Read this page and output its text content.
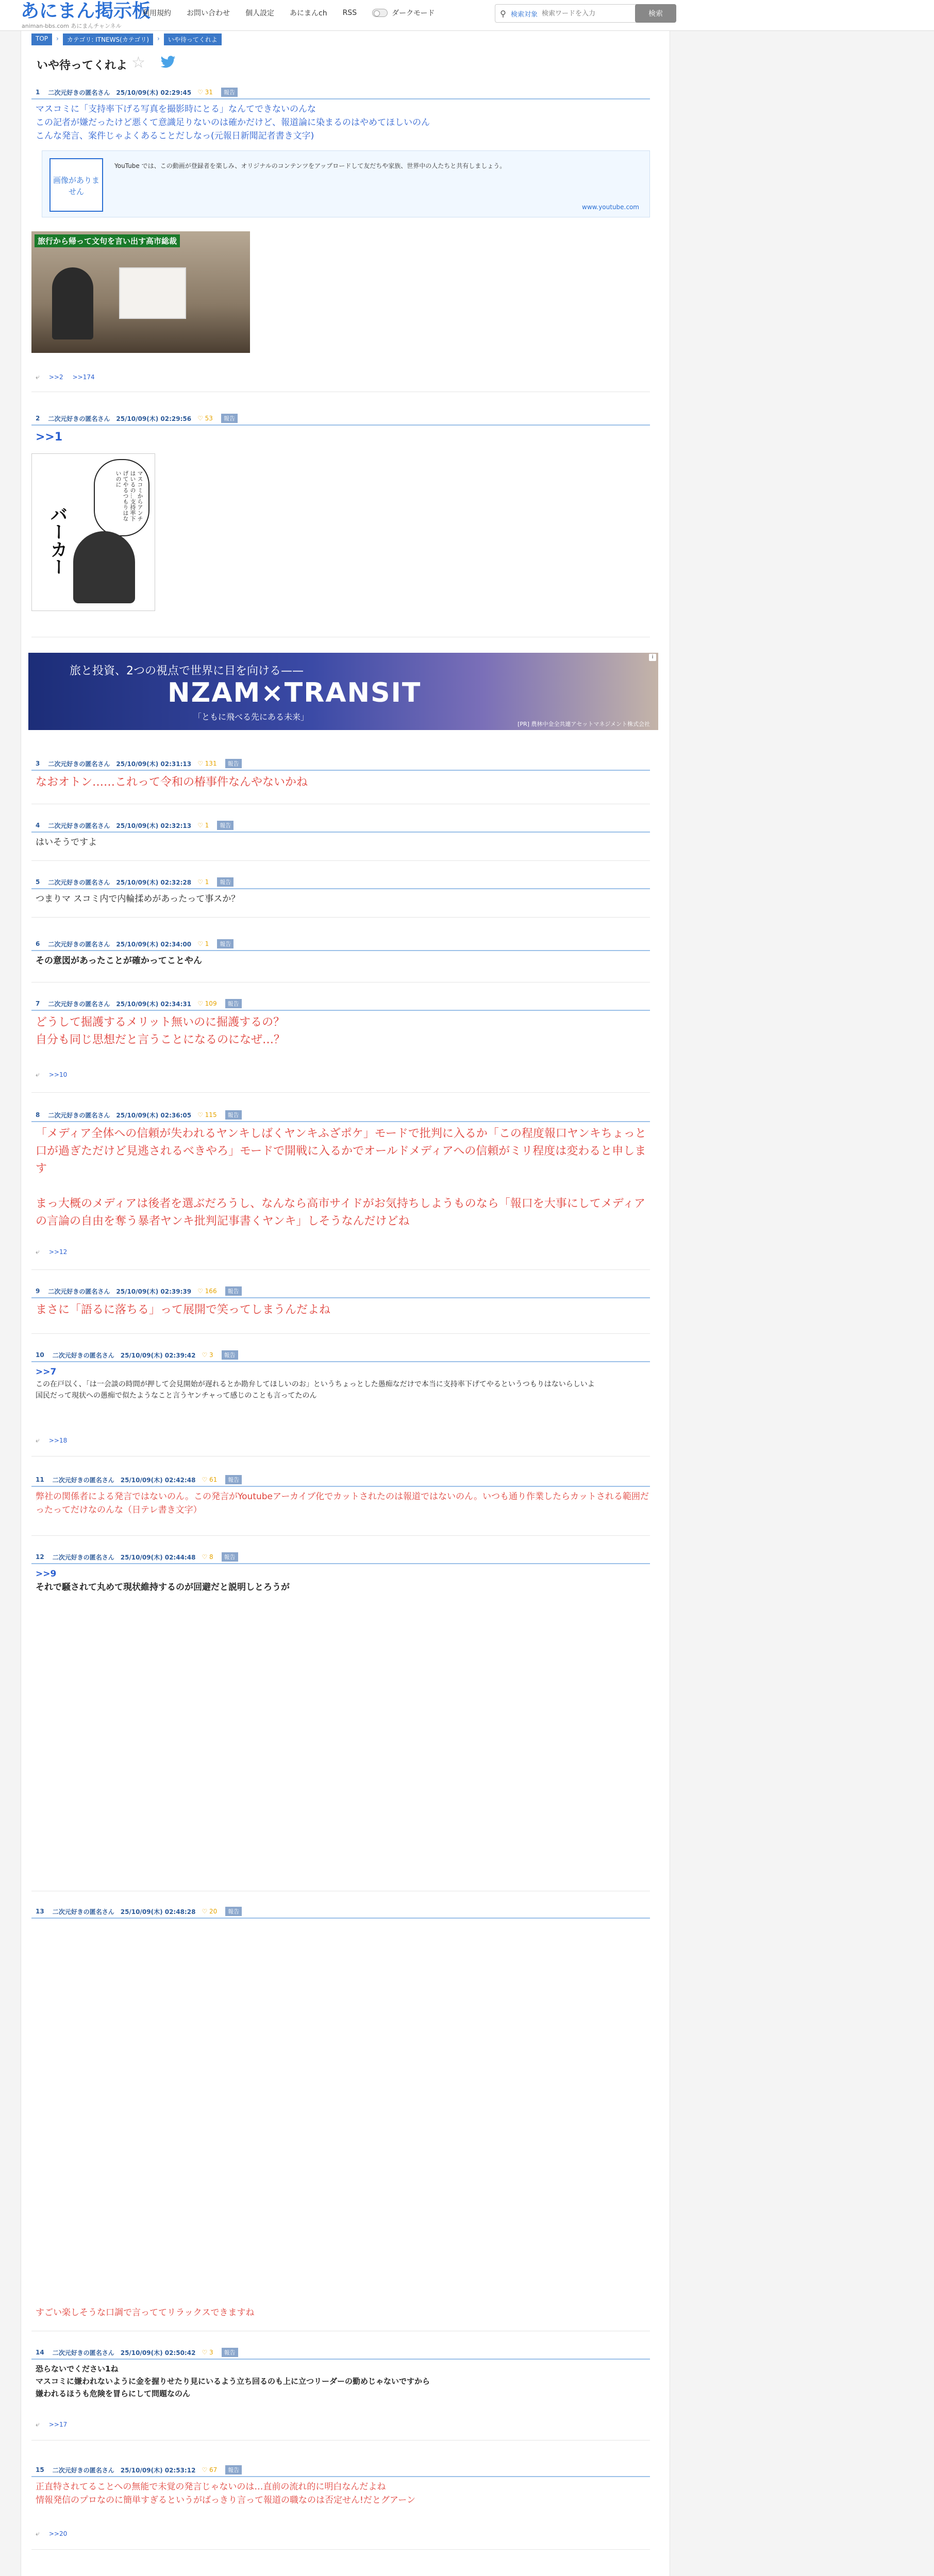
あにまん掲示板
animan-bbs.com あにまんチャンネル
利用規約 お問い合わせ 個人設定 あにまんch RSS	ダークモード	⚲ 検索対象
検索ワードを入力	検索
TOP	›	カテゴリ: ITNEWS(カテゴリ)	›	いや待ってくれよ
いや待ってくれよ ☆
1 二次元好きの匿名さん 25/10/09(木) 02:29:45 ♡ 31	報告
マスコミに「支持率下げる写真を撮影時にとる」なんてできないのんな
この記者が嫌だったけど悪くて意識足りないのは確かだけど、報道論に染まるのはやめてほしいのん
こんな発言、案件じゃよくあることだしなっ(元報日新聞記者書き文字)
画像がありません
YouTube では、この動画が登録者を楽しみ、オリジナルのコンテンツをアップロードして友だちや家族、世界中の人たちと共有しましょう。
www.youtube.com
旅行から帰って文句を言い出す高市総裁
⤶ >>2 >>174
2 二次元好きの匿名さん 25/10/09(木) 02:29:56 ♡ 53	報告
>>1
マスコミからアンチはいるの…支持率下げてやるつもりはないのに
バーカー
旅と投資、2つの視点で世界に目を向ける——
NZAM×TRANSIT
「ともに飛べる先にある未来」
[PR] 農林中金全共連アセットマネジメント株式会社
i
3 二次元好きの匿名さん 25/10/09(木) 02:31:13 ♡ 131	報告
なおオトン……これって令和の椿事件なんやないかね
4 二次元好きの匿名さん 25/10/09(木) 02:32:13 ♡ 1	報告
はいそうですよ
5 二次元好きの匿名さん 25/10/09(木) 02:32:28 ♡ 1	報告
つまりマ スコミ内で内輪揉めがあったって事スか？
6 二次元好きの匿名さん 25/10/09(木) 02:34:00 ♡ 1	報告
その意図があったことが確かってことやん
7 二次元好きの匿名さん 25/10/09(木) 02:34:31 ♡ 109	報告
どうして掘護するメリット無いのに掘護するの？
自分も同じ思想だと言うことになるのになぜ…？
⤶ >>10
8 二次元好きの匿名さん 25/10/09(木) 02:36:05 ♡ 115	報告
「メディア全体への信頼が失われるヤンキしばくヤンキふざポケ」モードで批判に入るか「この程度報口ヤンキちょっと口が過ぎただけど見逃されるべきやろ」モードで開戦に入るかでオールドメディアへの信頼がミリ程度は変わると申します

まっ大概のメディアは後者を選ぶだろうし、なんなら高市サイドがお気持ちしようものなら「報口を大事にしてメディアの言論の自由を奪う暴者ヤンキ批判記事書くヤンキ」しそうなんだけどね
⤶ >>12
9 二次元好きの匿名さん 25/10/09(木) 02:39:39 ♡ 166	報告
まさに「語るに落ちる」って展開で笑ってしまうんだよね
10 二次元好きの匿名さん 25/10/09(木) 02:39:42 ♡ 3	報告
>>7
この在戸以く、「は一会談の時間が押して会見開始が遅れるとか勘弁してほしいのお」というちょっとした愚痴なだけで本当に支持率下げてやるというつもりはないらしいよ
国民だって現状への愚痴で似たようなこと言うヤンチャって感じのことも言ってたのん
⤶ >>18
11 二次元好きの匿名さん 25/10/09(木) 02:42:48 ♡ 61	報告
弊社の関係者による発言ではないのん。この発言がYoutubeアーカイブ化でカットされたのは報道ではないのん。いつも通り作業したらカットされる範囲だったってだけなのんな（日テレ書き文字）
12 二次元好きの匿名さん 25/10/09(木) 02:44:48 ♡ 8	報告
>>9
それで騒されて丸めて現状維持するのが回避だと説明しとろうが
13 二次元好きの匿名さん 25/10/09(木) 02:48:28 ♡ 20	報告
すごい楽しそうな口調で言っててリラックスできますね
14 二次元好きの匿名さん 25/10/09(木) 02:50:42 ♡ 3	報告
恐らないでください1ね
マスコミに嫌われないように金を握りせたり見にいるよう立ち回るのも上に立つリーダーの勤めじゃないですから
嫌われるほうも危険を冒らにして問題なのん
⤶ >>17
15 二次元好きの匿名さん 25/10/09(木) 02:53:12 ♡ 67	報告
正直特されてることへの無能で未覚の発言じゃないのは…直前の流れ的に明白なんだよね
情報発信のプロなのに簡単すぎるというがばっきり言って報道の職なのは否定せん!だとグアーン
⤶ >>20
